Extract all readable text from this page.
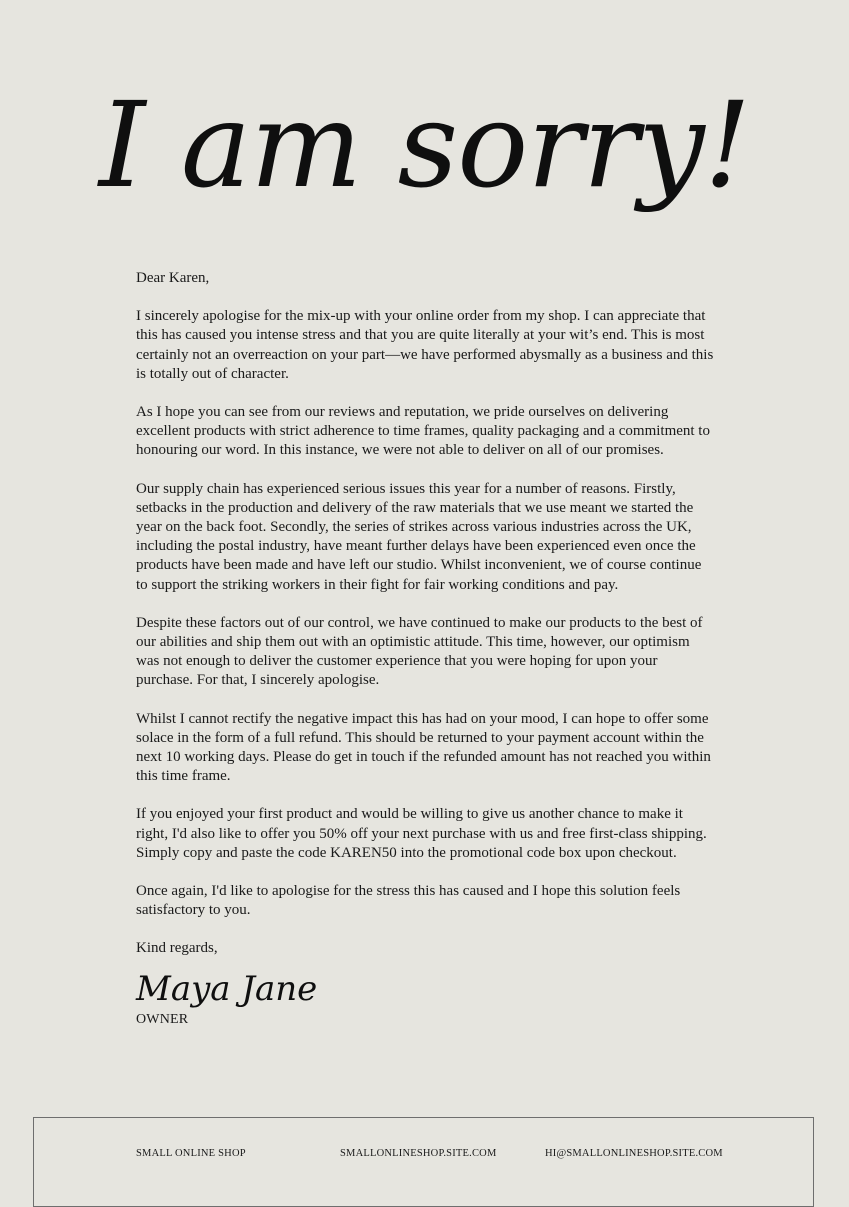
I am sorry!

Dear Karen,

I sincerely apologise for the mix-up with your online order from my shop. I can appreciate that this has caused you intense stress and that you are quite literally at your wit’s end. This is most certainly not an overreaction on your part—we have performed abysmally as a business and this is totally out of character.

As I hope you can see from our reviews and reputation, we pride ourselves on delivering excellent products with strict adherence to time frames, quality packaging and a commitment to honouring our word. In this instance, we were not able to deliver on all of our promises.

Our supply chain has experienced serious issues this year for a number of reasons. Firstly, setbacks in the production and delivery of the raw materials that we use meant we started the year on the back foot. Secondly, the series of strikes across various industries across the UK, including the postal industry, have meant further delays have been experienced even once the products have been made and have left our studio. Whilst inconvenient, we of course continue to support the striking workers in their fight for fair working conditions and pay.

Despite these factors out of our control, we have continued to make our products to the best of our abilities and ship them out with an optimistic attitude. This time, however, our optimism was not enough to deliver the customer experience that you were hoping for upon your purchase. For that, I sincerely apologise.

Whilst I cannot rectify the negative impact this has had on your mood, I can hope to offer some solace in the form of a full refund. This should be returned to your payment account within the next 10 working days. Please do get in touch if the refunded amount has not reached you within this time frame.

If you enjoyed your first product and would be willing to give us another chance to make it right, I'd also like to offer you 50% off your next purchase with us and free first-class shipping. Simply copy and paste the code KAREN50 into the promotional code box upon checkout.

Once again, I'd like to apologise for the stress this has caused and I hope this solution feels satisfactory to you.

Kind regards,

Maya Jane
OWNER
SMALL ONLINE SHOP	SMALLONLINESHOP.SITE.COM	HI@SMALLONLINESHOP.SITE.COM
